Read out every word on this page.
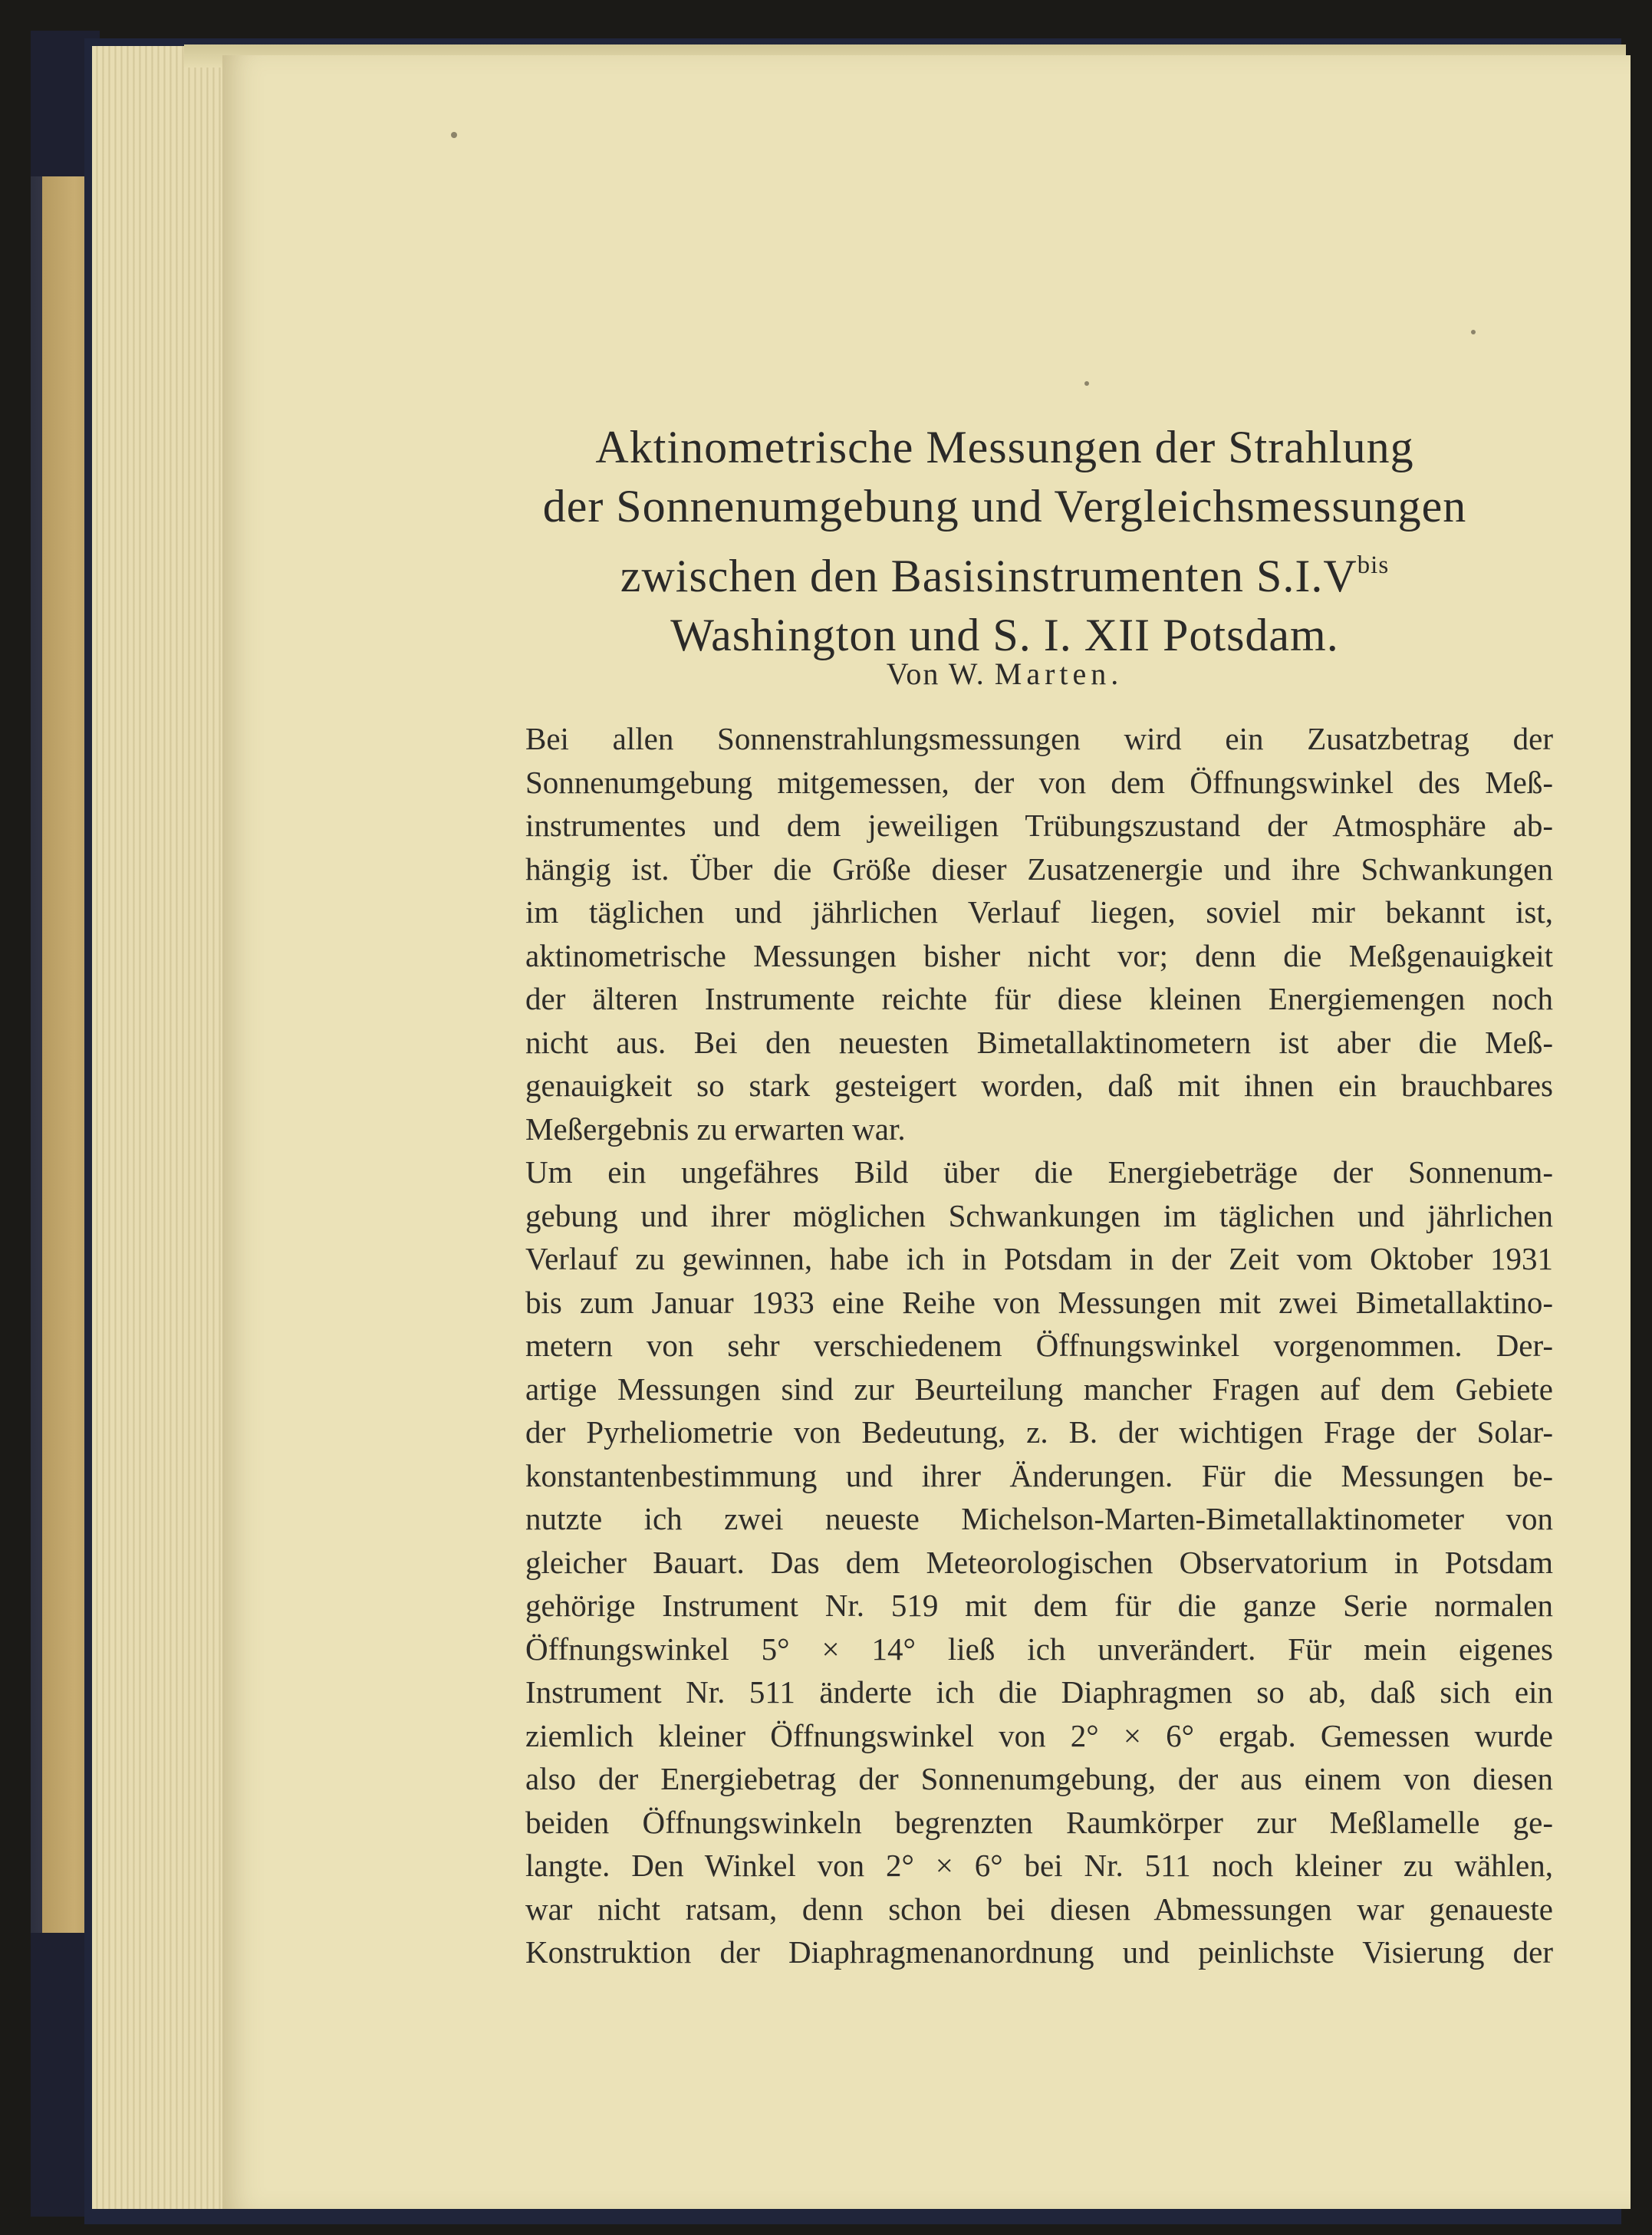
Aktinometrische Messungen der Strahlung
der Sonnenumgebung und Vergleichsmessungen
zwischen den Basisinstrumenten $S.I.V^{bis}$
Washington und S. I. XII Potsdam.
Von W. Marten.

Bei allen Sonnenstrahlungsmessungen wird ein Zusatzbetrag der
Sonnenumgebung mitgemessen, der von dem Öffnungswinkel des Meß-
instrumentes und dem jeweiligen Trübungszustand der Atmosphäre ab-
hängig ist. Über die Größe dieser Zusatzenergie und ihre Schwankungen
im täglichen und jährlichen Verlauf liegen, soviel mir bekannt ist,
aktinometrische Messungen bisher nicht vor; denn die Meßgenauigkeit
der älteren Instrumente reichte für diese kleinen Energiemengen noch
nicht aus. Bei den neuesten Bimetallaktinometern ist aber die Meß-
genauigkeit so stark gesteigert worden, daß mit ihnen ein brauchbares
Meßergebnis zu erwarten war.

Um ein ungefähres Bild über die Energiebeträge der Sonnenum-
gebung und ihrer möglichen Schwankungen im täglichen und jährlichen
Verlauf zu gewinnen, habe ich in Potsdam in der Zeit vom Oktober 1931
bis zum Januar 1933 eine Reihe von Messungen mit zwei Bimetallaktino-
metern von sehr verschiedenem Öffnungswinkel vorgenommen. Der-
artige Messungen sind zur Beurteilung mancher Fragen auf dem Gebiete
der Pyrheliometrie von Bedeutung, z. B. der wichtigen Frage der Solar-
konstantenbestimmung und ihrer Änderungen. Für die Messungen be-
nutzte ich zwei neueste Michelson-Marten-Bimetallaktinometer von
gleicher Bauart. Das dem Meteorologischen Observatorium in Potsdam
gehörige Instrument Nr. 519 mit dem für die ganze Serie normalen
Öffnungswinkel 5° × 14° ließ ich unverändert. Für mein eigenes
Instrument Nr. 511 änderte ich die Diaphragmen so ab, daß sich ein
ziemlich kleiner Öffnungswinkel von 2° × 6° ergab. Gemessen wurde
also der Energiebetrag der Sonnenumgebung, der aus einem von diesen
beiden Öffnungswinkeln begrenzten Raumkörper zur Meßlamelle ge-
langte. Den Winkel von 2° × 6° bei Nr. 511 noch kleiner zu wählen,
war nicht ratsam, denn schon bei diesen Abmessungen war genaueste
Konstruktion der Diaphragmenanordnung und peinlichste Visierung der
